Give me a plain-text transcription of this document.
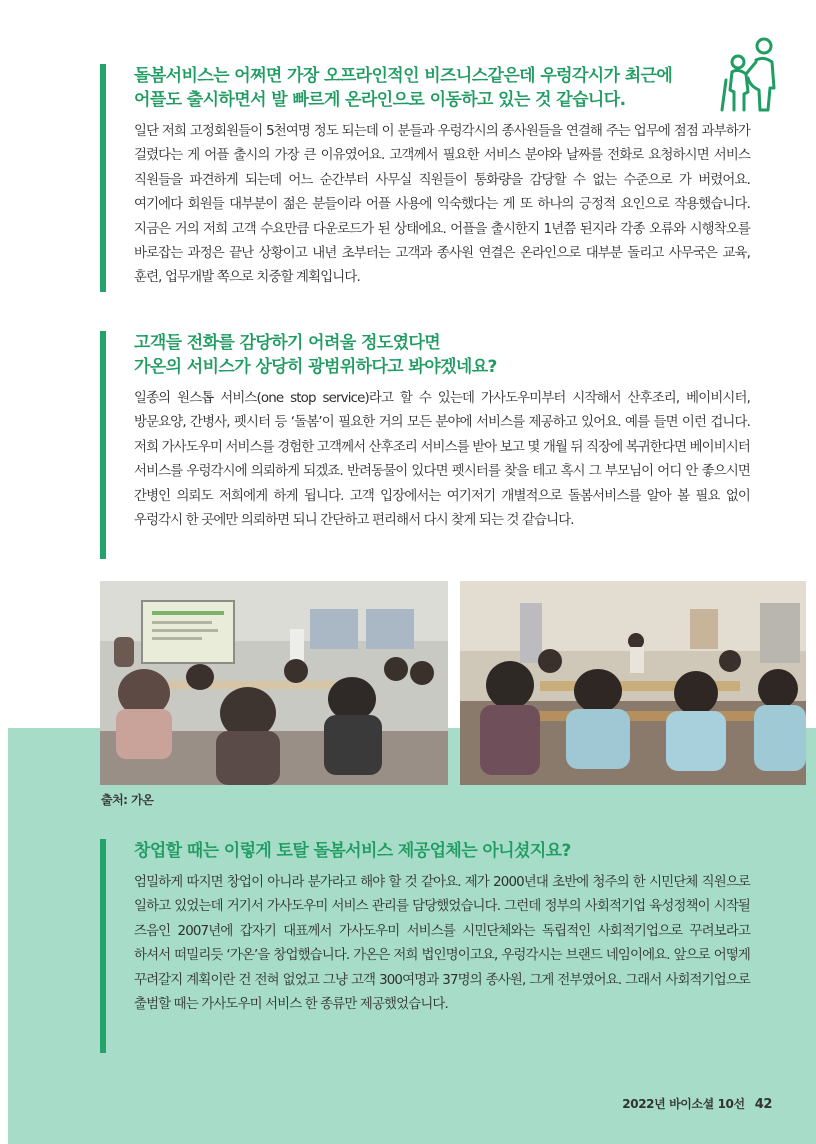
돌봄서비스는 어쩌면 가장 오프라인적인 비즈니스같은데 우렁각시가 최근에
어플도 출시하면서 발 빠르게 온라인으로 이동하고 있는 것 같습니다.
일단 저희 고정회원들이 5천여명 정도 되는데 이 분들과 우렁각시의 종사원들을 연결해 주는 업무에 점점 과부하가 걸렸다는 게 어플 출시의 가장 큰 이유였어요. 고객께서 필요한 서비스 분야와 날짜를 전화로 요청하시면 서비스 직원들을 파견하게 되는데 어느 순간부터 사무실 직원들이 통화량을 감당할 수 없는 수준으로 가 버렸어요. 여기에다 회원들 대부분이 젊은 분들이라 어플 사용에 익숙했다는 게 또 하나의 긍정적 요인으로 작용했습니다. 지금은 거의 저희 고객 수요만큼 다운로드가 된 상태에요. 어플을 출시한지 1년쯤 된지라 각종 오류와 시행착오를 바로잡는 과정은 끝난 상황이고 내년 초부터는 고객과 종사원 연결은 온라인으로 대부분 돌리고 사무국은 교육, 훈련, 업무개발 쪽으로 치중할 계획입니다.
고객들 전화를 감당하기 어려울 정도였다면
가온의 서비스가 상당히 광범위하다고 봐야겠네요?
일종의 원스톱 서비스(one stop service)라고 할 수 있는데 가사도우미부터 시작해서 산후조리, 베이비시터, 방문요양, 간병사, 펫시터 등 ‘돌봄’이 필요한 거의 모든 분야에 서비스를 제공하고 있어요. 예를 들면 이런 겁니다. 저희 가사도우미 서비스를 경험한 고객께서 산후조리 서비스를 받아 보고 몇 개월 뒤 직장에 복귀한다면 베이비시터 서비스를 우렁각시에 의뢰하게 되겠죠. 반려동물이 있다면 펫시터를 찾을 테고 혹시 그 부모님이 어디 안 좋으시면 간병인 의뢰도 저희에게 하게 됩니다. 고객 입장에서는 여기저기 개별적으로 돌봄서비스를 알아 볼 필요 없이 우렁각시 한 곳에만 의뢰하면 되니 간단하고 편리해서 다시 찾게 되는 것 같습니다.
출처: 가온
창업할 때는 이렇게 토탈 돌봄서비스 제공업체는 아니셨지요?
엄밀하게 따지면 창업이 아니라 분가라고 해야 할 것 같아요. 제가 2000년대 초반에 청주의 한 시민단체 직원으로 일하고 있었는데 거기서 가사도우미 서비스 관리를 담당했었습니다. 그런데 정부의 사회적기업 육성정책이 시작될 즈음인 2007년에 갑자기 대표께서 가사도우미 서비스를 시민단체와는 독립적인 사회적기업으로 꾸려보라고 하셔서 떠밀리듯 ‘가온’을 창업했습니다. 가온은 저희 법인명이고요, 우렁각시는 브랜드 네임이에요. 앞으로 어떻게 꾸려갈지 계획이란 건 전혀 없었고 그냥 고객 300여명과 37명의 종사원, 그게 전부였어요. 그래서 사회적기업으로 출범할 때는 가사도우미 서비스 한 종류만 제공했었습니다.
2022년 바이소셜 10선 42
